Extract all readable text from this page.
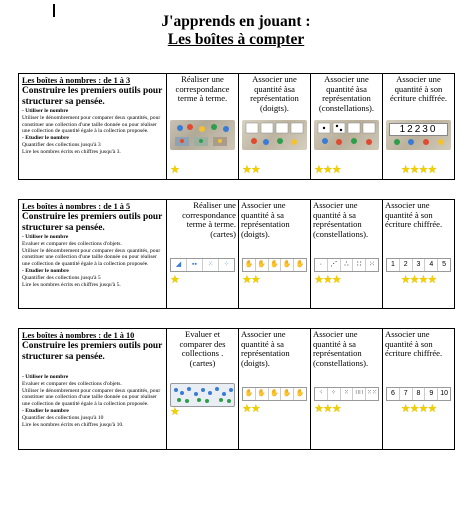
J'apprends en jouant :
Les boîtes à compter
Les boîtes à nombres : de 1 à 3
Construire les premiers outils pour structurer sa pensée.
- Utiliser le nombre
Utiliser le dénombrement pour comparer deux quantités, pour constituer une collection d'une taille donnée ou pour réaliser une collection de quantité égale à la collection proposée.
- Etudier le nombre
Quantifier des collections jusqu'à 3
Lire les nombres écrits en chiffres jusqu'à 3.

Réaliser une correspondance terme à terme.
★

Associer une quantité àsa représentation (doigts).
★★

Associer une quantité àsa représentation (constellations).
★★★

Associer une quantité à son écriture chiffrée.
12230
★★★★
Les boîtes à nombres : de 1 à 5
Construire les premiers outils pour structurer sa pensée.
- Utiliser le nombre
Evaluer et comparer des collections d'objets.
Utiliser le dénombrement pour comparer deux quantités, pour constituer une collection d'une taille donnée ou pour réaliser une collection de quantité égale à la collection proposée.
- Etudier le nombre
Quantifier des collections jusqu'à 5
Lire les nombres écrits en chiffres jusqu'à 5.

Réaliser une correspondance terme à terme. (cartes)
◢	▪▪	⁙	⁘
★

Associer une quantité à sa représentation (doigts).
✋ ✋ ✋ ✋ ✋
★★

Associer une quantité à sa représentation (constellations).
·	⋰	∴	∷	⁙
★★★

Associer une quantité à son écriture chiffrée.
1	2	3	4	5
★★★★
Les boîtes à nombres : de 1 à 10
Construire les premiers outils pour structurer sa pensée.
- Utiliser le nombre
Evaluer et comparer des collections d'objets.
Utiliser le dénombrement pour comparer deux quantités, pour constituer une collection d'une taille donnée ou pour réaliser une collection de quantité égale à la collection proposée.
- Etudier le nombre
Quantifier des collections jusqu'à 10
Lire les nombres écrits en chiffres jusqu'à 10.

Evaluer et comparer des collections . (cartes)
★

Associer une quantité à sa représentation (doigts).
✋ ✋ ✋ ✋ ✋
★★

Associer une quantité à sa représentation (constellations).
⁖	⁘	⁙	∷∷ ⁙⁙
★★★

Associer une quantité à son écriture chiffrée.
6	7	8	9 10
★★★★
